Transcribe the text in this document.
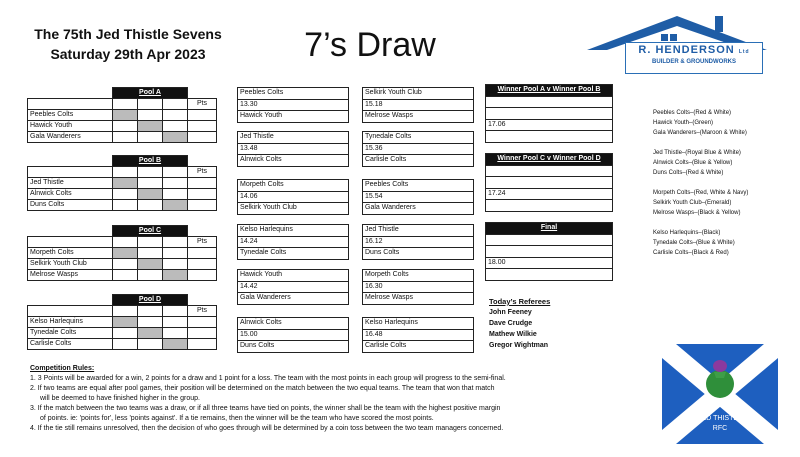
The 75th Jed Thistle Sevens
Saturday 29th Apr 2023	7’s Draw	R. HENDERSON Ltd
BUILDER & GROUNDWORKS
	Pool A			
				Pts
Peebles Colts				
Hawick Youth				
Gala Wanderers				
	Pool B			
				Pts
Jed Thistle				
Alnwick Colts				
Duns Colts				
	Pool C			
				Pts
Morpeth Colts				
Selkirk Youth Club				
Melrose Wasps				
	Pool D			
				Pts
Kelso Harlequins				
Tynedale Colts				
Carlisle Colts				
Peebles Colts
13.30
Hawick Youth
Jed Thistle
13.48
Alnwick Colts
Morpeth Colts
14.06
Selkirk Youth Club
Kelso Harlequins
14.24
Tynedale Colts
Hawick Youth
14.42
Gala Wanderers
Alnwick Colts
15.00
Duns Colts
Selkirk Youth Club
15.18
Melrose Wasps
Tynedale Colts
15.36
Carlisle Colts
Peebles Colts
15.54
Gala Wanderers
Jed Thistle
16.12
Duns Colts
Morpeth Colts
16.30
Melrose Wasps
Kelso Harlequins
16.48
Carlisle Colts
Winner Pool A v Winner Pool B

17.06

Winner Pool C v Winner Pool D

17.24

Final

18.00

Today’s Referees
John Feeney
Dave Crudge
Mathew Wilkie
Gregor Wightman
Peebles Colts–(Red & White)
Hawick Youth–(Green)
Gala Wanderers–(Maroon & White)
Jed Thistle–(Royal Blue & White)
Alnwick Colts–(Blue & Yellow)
Duns Colts–(Red & White)
Morpeth Colts–(Red, White & Navy)
Selkirk Youth Club–(Emerald)
Melrose Wasps–(Black & Yellow)
Kelso Harlequins–(Black)
Tynedale Colts–(Blue & White)
Carlisle Colts–(Black & Red)
JED THISTLE
RFC
Competition Rules:
1. 3 Points will be awarded for a win, 2 points for a draw and 1 point for a loss. The team with the most points in each group will progress to the semi-final.
2. If two teams are equal after pool games, their position will be determined on the match between the two equal teams. The team that won that match
will be deemed to have finished higher in the group.
3. If the match between the two teams was a draw, or if all three teams have tied on points, the winner shall be the team with the highest positive margin
of points. ie: 'points for', less 'points against'. If a tie remains, then the winner will be the team who have scored the most points.
4. If the tie still remains unresolved, then the decision of who goes through will be determined by a coin toss between the two team managers concerned.
